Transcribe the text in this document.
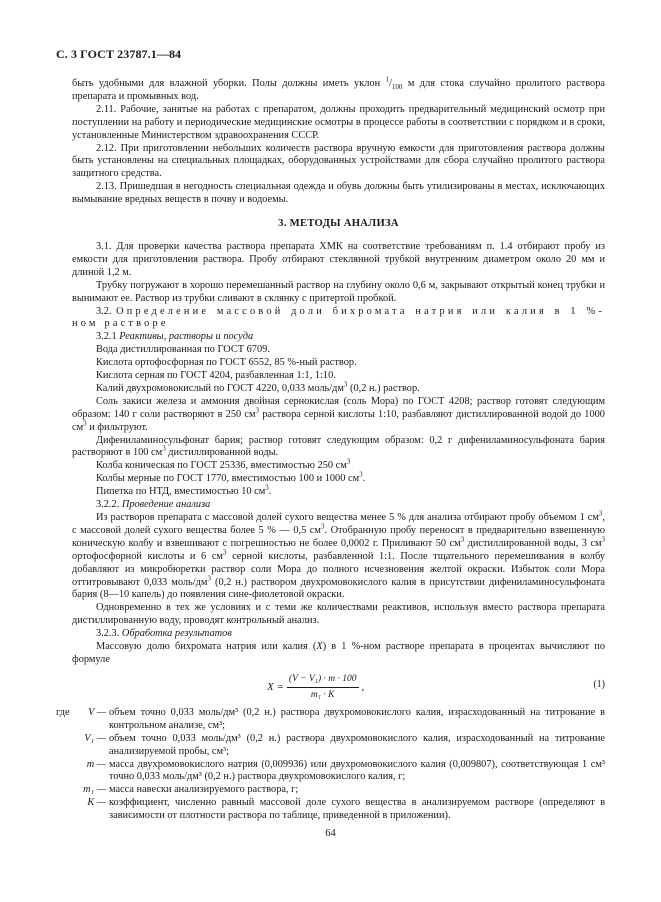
С. 3 ГОСТ 23787.1—84

быть удобными для влажной уборки. Полы должны иметь уклон $^1/_{100}$ м для стока случайно пролитого раствора препарата и промывных вод.

2.11. Рабочие, занятые на работах с препаратом, должны проходить предварительный медицинский осмотр при поступлении на работу и периодические медицинские осмотры в процессе работы в соответствии с порядком и в сроки, установленные Министерством здравоохранения СССР.

2.12. При приготовлении небольших количеств раствора вручную емкости для приготовления раствора должны быть установлены на специальных площадках, оборудованных устройствами для сбора случайно пролитого раствора защитного средства.

2.13. Пришедшая в негодность специальная одежда и обувь должны быть утилизированы в местах, исключающих вымывание вредных веществ в почву и водоемы.

3. МЕТОДЫ АНАЛИЗА

3.1. Для проверки качества раствора препарата ХМК на соответствие требованиям п. 1.4 отбирают пробу из емкости для приготовления раствора. Пробу отбирают стеклянной трубкой внутренним диаметром около 20 мм и длиной 1,2 м.

Трубку погружают в хорошо перемешанный раствор на глубину около 0,6 м, закрывают открытый конец трубки и вынимают ее. Раствор из трубки сливают в склянку с притертой пробкой.

3.2. Определение массовой доли бихромата натрия или калия в 1 %-ном растворе

3.2.1 Реактивы, растворы и посуда

Вода дистиллированная по ГОСТ 6709.

Кислота ортофосфорная по ГОСТ 6552, 85 %-ный раствор.

Кислота серная по ГОСТ 4204, разбавленная 1:1, 1:10.

Калий двухромовокислый по ГОСТ 4220, 0,033 моль/$дм^3$ (0,2 н.) раствор.

Соль закиси железа и аммония двойная сернокислая (соль Мора) по ГОСТ 4208; раствор готовят следующим образом: 140 г соли растворяют в 250 $см^3$ раствора серной кислоты 1:10, разбавляют дистиллированной водой до 1000 $см^3$ и фильтруют.

Дифениламиносульфонат бария; раствор готовят следующим образом: 0,2 г дифениламиносульфоната бария растворяют в 100 $см^3$ дистиллированной воды.

Колба коническая по ГОСТ 25336, вместимостью 250 $см^3$

Колбы мерные по ГОСТ 1770, вместимостью 100 и 1000 $см^3$.

Пипетка по НТД, вместимостью 10 $см^3$.

3.2.2. Проведение анализа

Из растворов препарата с массовой долей сухого вещества менее 5 % для анализа отбирают пробу объемом 1 $см^3$, с массовой долей сухого вещества более 5 % — 0,5 $см^3$. Отобранную пробу переносят в предварительно взвешенную коническую колбу и взвешивают с погрешностью не более 0,0002 г. Приливают 50 $см^3$ дистиллированной воды, 3 $см^3$ ортофосфорной кислоты и 6 $см^3$ серной кислоты, разбавленной 1:1. После тщательного перемешивания в колбу добавляют из микробюретки раствор соли Мора до полного исчезновения желтой окраски. Избыток соли Мора оттитровывают 0,033 моль/$дм^3$ (0,2 н.) раствором двухромовокислого калия в присутствии дифениламиносульфоната бария (8—10 капель) до появления сине-фиолетовой окраски.

Одновременно в тех же условиях и с теми же количествами реактивов, используя вместо раствора препарата дистиллированную воду, проводят контрольный анализ.

3.2.3. Обработка результатов

Массовую долю бихромата натрия или калия (X) в 1 %-ном растворе препарата в процентах вычисляют по формуле

$X = \frac{\text{(V − V₁) · m · 100}}{\text{m₁ · K}}$ ,	(1)
где	V — объем точно 0,033 моль/дм³ (0,2 н.) раствора двухромовокислого калия, израсходованный на титрование в контрольном анализе, см³;
V₁ — объем точно 0,033 моль/дм³ (0,2 н.) раствора двухромовокислого калия, израсходованный на титрование анализируемой пробы, см³;
m — масса двухромовокислого натрия (0,009936) или двухромовокислого калия (0,009807), соответствующая 1 см³ точно 0,033 моль/дм³ (0,2 н.) раствора двухромовокислого калия, г;
m₁ — масса навески анализируемого раствора, г;
K — коэффициент, численно равный массовой доле сухого вещества в анализируемом растворе (определяют в зависимости от плотности раствора по таблице, приведенной в приложении).
64
